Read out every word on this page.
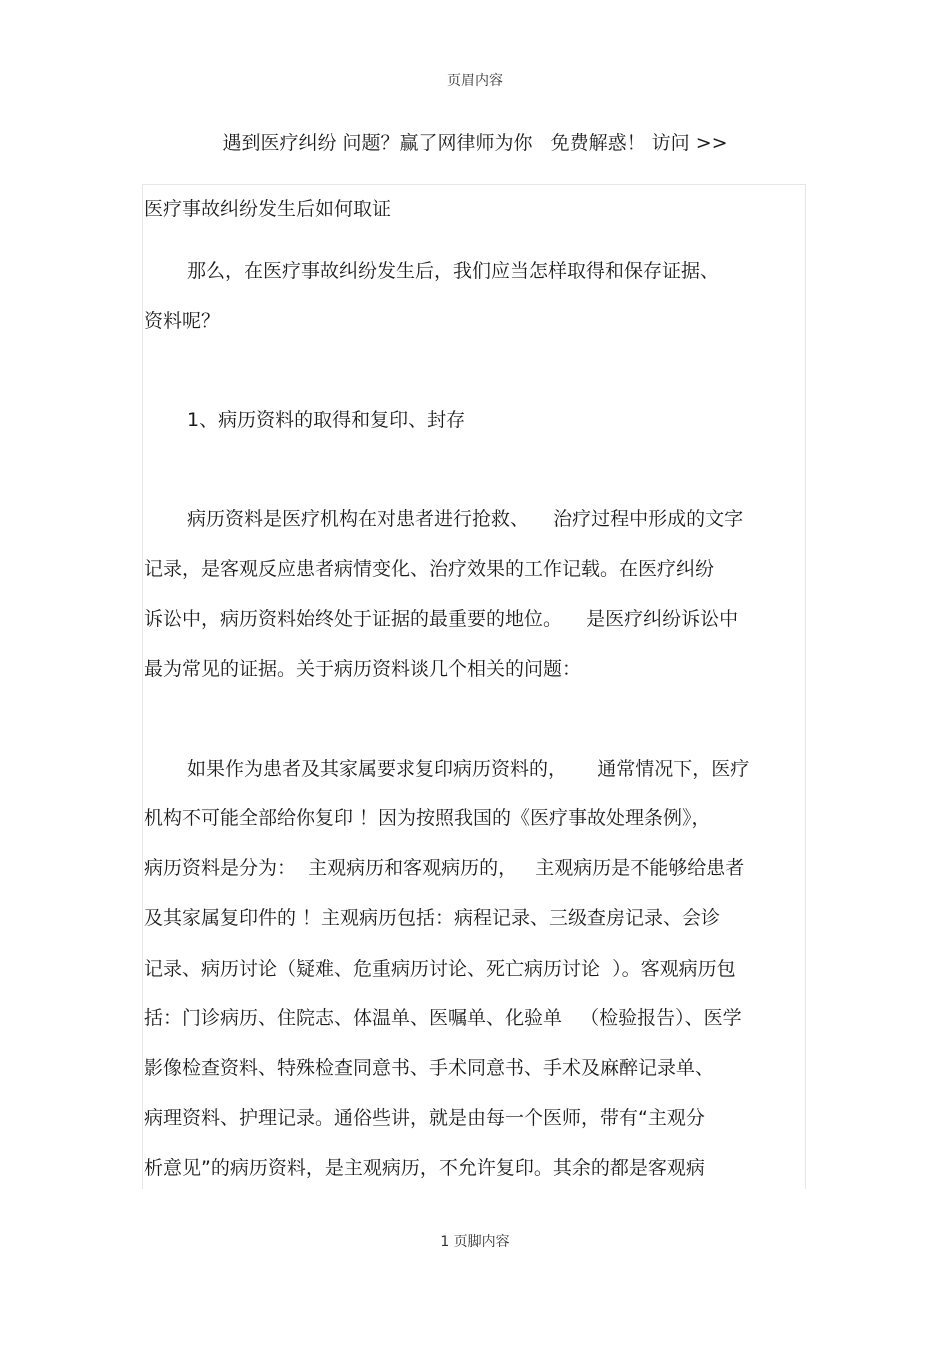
页眉内容
遇到医疗纠纷 问题？赢了网律师为你   免费解惑！ 访问 >>
医疗事故纠纷发生后如何取证
那么，在医疗事故纠纷发生后，我们应当怎样取得和保存证据、
资料呢？
1、病历资料的取得和复印、封存
病历资料是医疗机构在对患者进行抢救、    治疗过程中形成的文字
记录，是客观反应患者病情变化、治疗效果的工作记载。在医疗纠纷
诉讼中，病历资料始终处于证据的最重要的地位。    是医疗纠纷诉讼中
最为常见的证据。关于病历资料谈几个相关的问题：
如果作为患者及其家属要求复印病历资料的，     通常情况下，医疗
机构不可能全部给你复印 ！因为按照我国的《医疗事故处理条例》，
病历资料是分为：  主观病历和客观病历的，   主观病历是不能够给患者
及其家属复印件的 ！主观病历包括：病程记录、三级查房记录、会诊
记录、病历讨论（疑难、危重病历讨论、死亡病历讨论  ）。客观病历包
括：门诊病历、住院志、体温单、医嘱单、化验单   （检验报告）、医学
影像检查资料、特殊检查同意书、手术同意书、手术及麻醉记录单、
病理资料、护理记录。通俗些讲，就是由每一个医师，带有“主观分
析意见”的病历资料，是主观病历，不允许复印。其余的都是客观病
1 页脚内容
